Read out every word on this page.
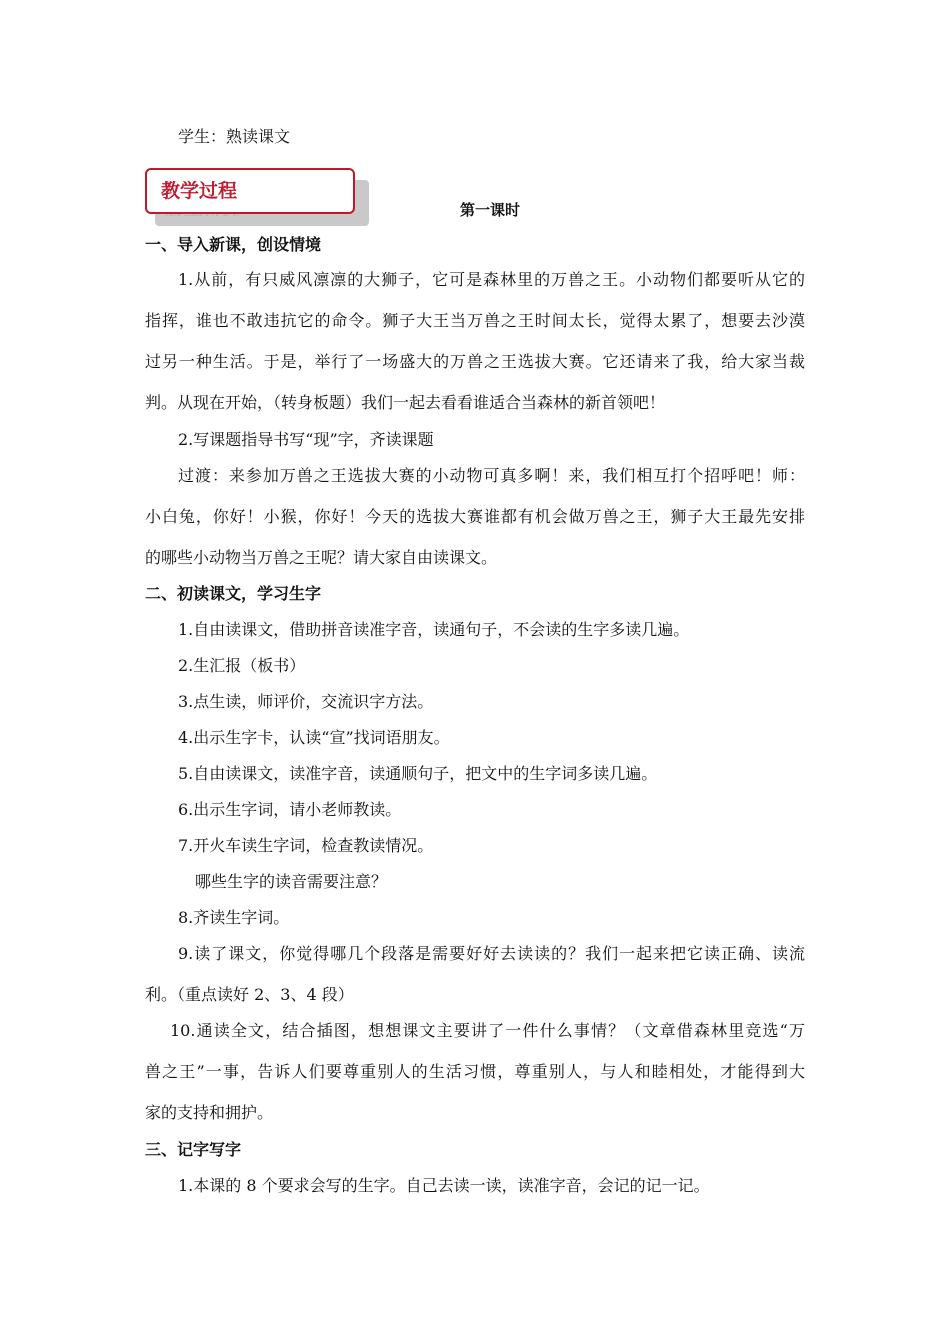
学生：熟读课文
教学过程
第一课时
一、导入新课，创设情境
1.从前，有只威风凛凛的大狮子，它可是森林里的万兽之王。小动物们都要听从它的
指挥，谁也不敢违抗它的命令。狮子大王当万兽之王时间太长，觉得太累了，想要去沙漠
过另一种生活。于是，举行了一场盛大的万兽之王选拔大赛。它还请来了我，给大家当裁
判。从现在开始，（转身板题）我们一起去看看谁适合当森林的新首领吧！
2.写课题指导书写“现”字，齐读课题
过渡：来参加万兽之王选拔大赛的小动物可真多啊！来，我们相互打个招呼吧！师：
小白兔，你好！小猴，你好！今天的选拔大赛谁都有机会做万兽之王，狮子大王最先安排
的哪些小动物当万兽之王呢？请大家自由读课文。
二、初读课文，学习生字
1.自由读课文，借助拼音读准字音，读通句子，不会读的生字多读几遍。
2.生汇报（板书）
3.点生读，师评价，交流识字方法。
4.出示生字卡，认读“宣”找词语朋友。
5.自由读课文，读准字音，读通顺句子，把文中的生字词多读几遍。
6.出示生字词，请小老师教读。
7.开火车读生字词，检查教读情况。
哪些生字的读音需要注意？
8.齐读生字词。
9.读了课文，你觉得哪几个段落是需要好好去读读的？我们一起来把它读正确、读流
利。（重点读好 2、3、4 段）
10.通读全文，结合插图，想想课文主要讲了一件什么事情？（文章借森林里竞选“万
兽之王”一事，告诉人们要尊重别人的生活习惯，尊重别人，与人和睦相处，才能得到大
家的支持和拥护。
三、记字写字
1.本课的 8 个要求会写的生字。自己去读一读，读准字音，会记的记一记。
